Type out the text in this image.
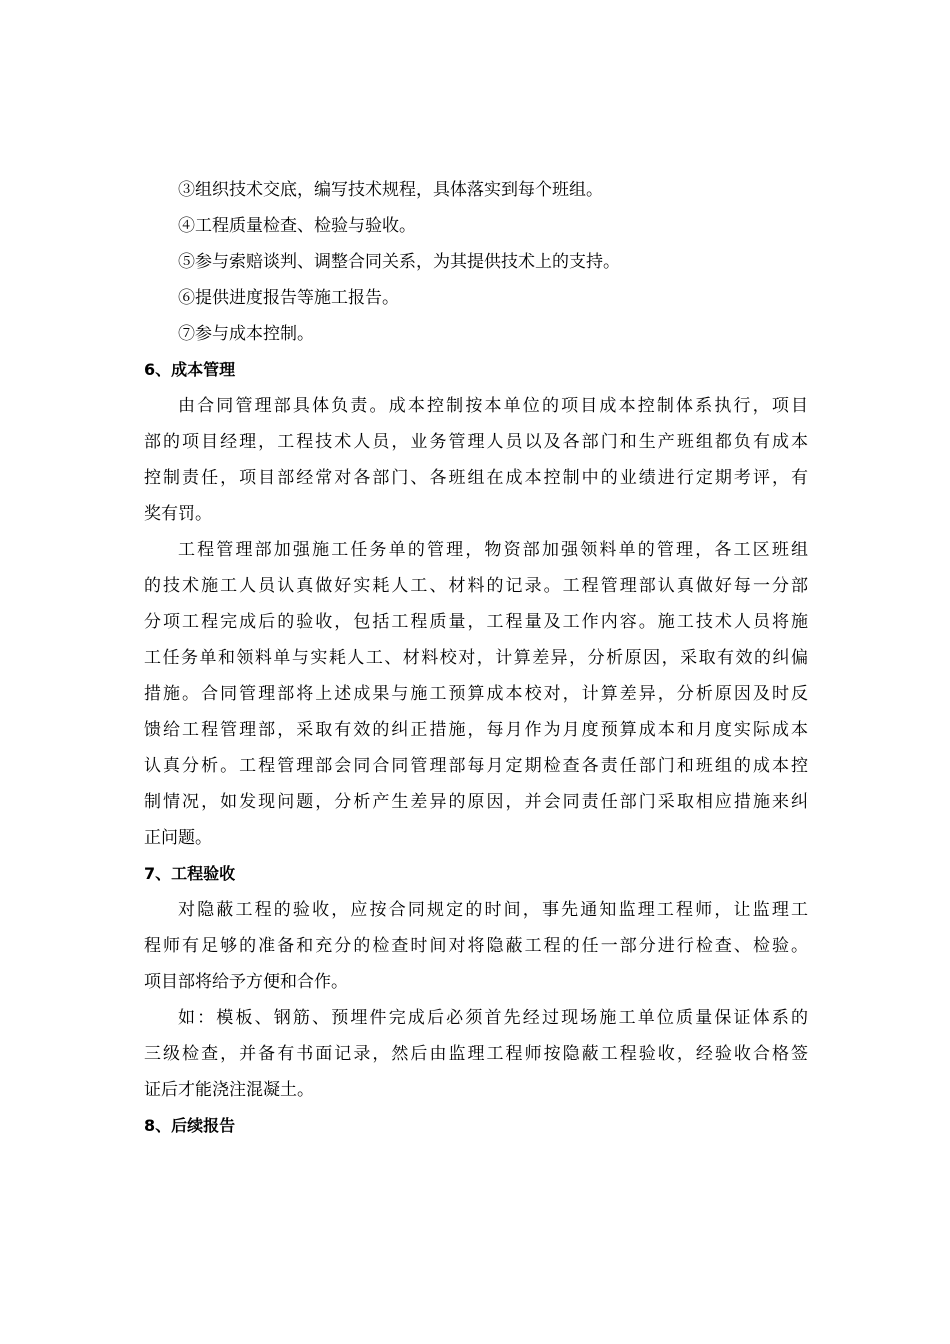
③组织技术交底，编写技术规程，具体落实到每个班组。
④工程质量检查、检验与验收。
⑤参与索赔谈判、调整合同关系，为其提供技术上的支持。
⑥提供进度报告等施工报告。
⑦参与成本控制。
6、成本管理
由合同管理部具体负责。成本控制按本单位的项目成本控制体系执行，项目
部的项目经理，工程技术人员，业务管理人员以及各部门和生产班组都负有成本
控制责任，项目部经常对各部门、各班组在成本控制中的业绩进行定期考评，有
奖有罚。
工程管理部加强施工任务单的管理，物资部加强领料单的管理，各工区班组
的技术施工人员认真做好实耗人工、材料的记录。工程管理部认真做好每一分部
分项工程完成后的验收，包括工程质量，工程量及工作内容。施工技术人员将施
工任务单和领料单与实耗人工、材料校对，计算差异，分析原因，采取有效的纠偏
措施。合同管理部将上述成果与施工预算成本校对，计算差异，分析原因及时反
馈给工程管理部，采取有效的纠正措施，每月作为月度预算成本和月度实际成本
认真分析。工程管理部会同合同管理部每月定期检查各责任部门和班组的成本控
制情况，如发现问题，分析产生差异的原因，并会同责任部门采取相应措施来纠
正问题。
7、工程验收
对隐蔽工程的验收，应按合同规定的时间，事先通知监理工程师，让监理工
程师有足够的准备和充分的检查时间对将隐蔽工程的任一部分进行检查、检验。
项目部将给予方便和合作。
如：模板、钢筋、预埋件完成后必须首先经过现场施工单位质量保证体系的
三级检查，并备有书面记录，然后由监理工程师按隐蔽工程验收，经验收合格签
证后才能浇注混凝土。
8、后续报告
